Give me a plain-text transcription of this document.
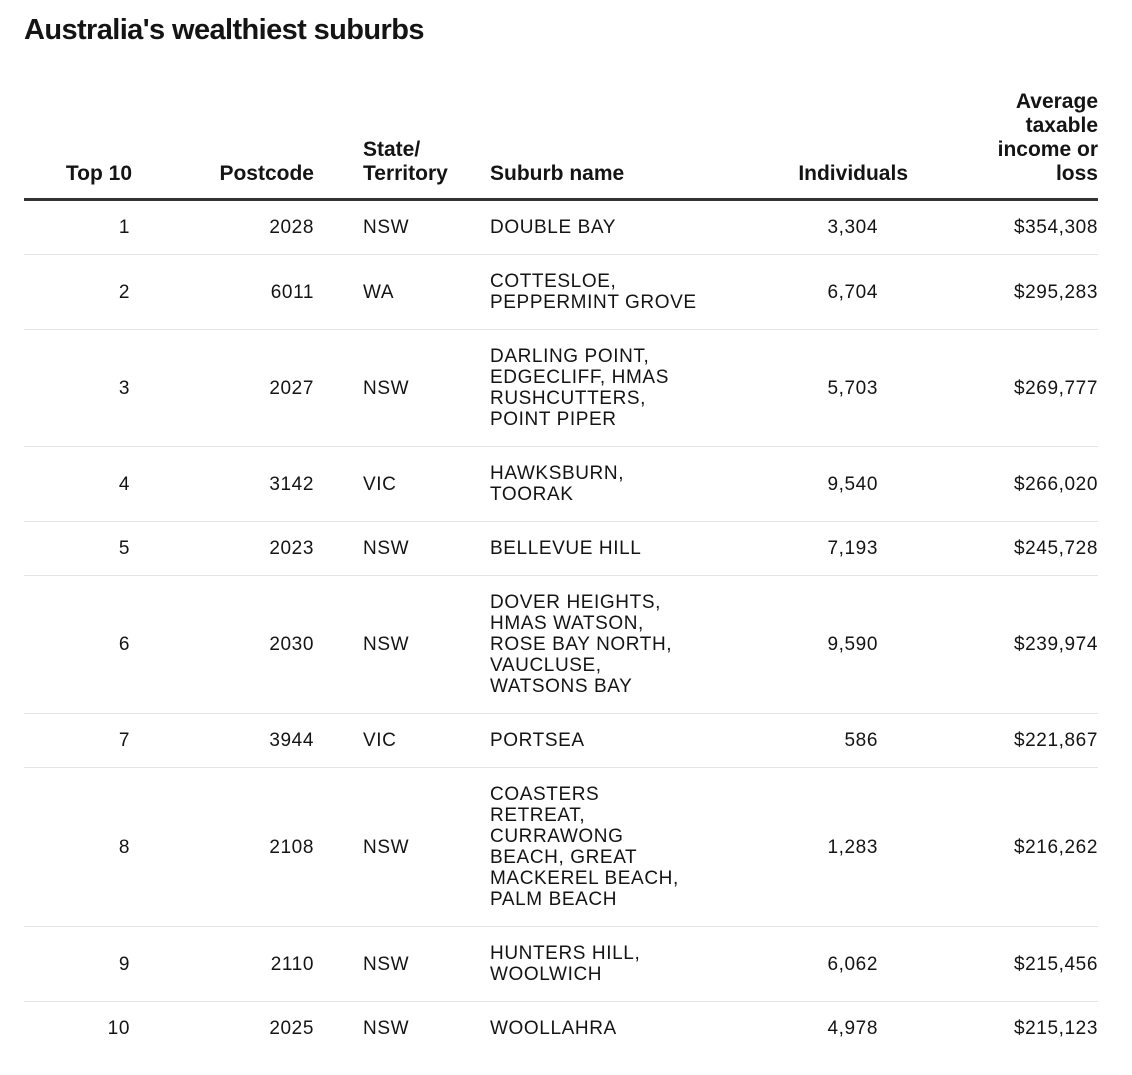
Australia's wealthiest suburbs
Top 10	Postcode	State/ Territory	Suburb name	Individuals	Average taxable income or loss
1	2028	NSW	DOUBLE BAY	3,304	$354,308
2	6011	WA	COTTESLOE, PEPPERMINT GROVE	6,704	$295,283
3	2027	NSW	DARLING POINT, EDGECLIFF, HMAS RUSHCUTTERS, POINT PIPER	5,703	$269,777
4	3142	VIC	HAWKSBURN, TOORAK	9,540	$266,020
5	2023	NSW	BELLEVUE HILL	7,193	$245,728
6	2030	NSW	DOVER HEIGHTS, HMAS WATSON, ROSE BAY NORTH, VAUCLUSE, WATSONS BAY	9,590	$239,974
7	3944	VIC	PORTSEA	586	$221,867
8	2108	NSW	COASTERS RETREAT, CURRAWONG BEACH, GREAT MACKEREL BEACH, PALM BEACH	1,283	$216,262
9	2110	NSW	HUNTERS HILL, WOOLWICH	6,062	$215,456
10	2025	NSW	WOOLLAHRA	4,978	$215,123
